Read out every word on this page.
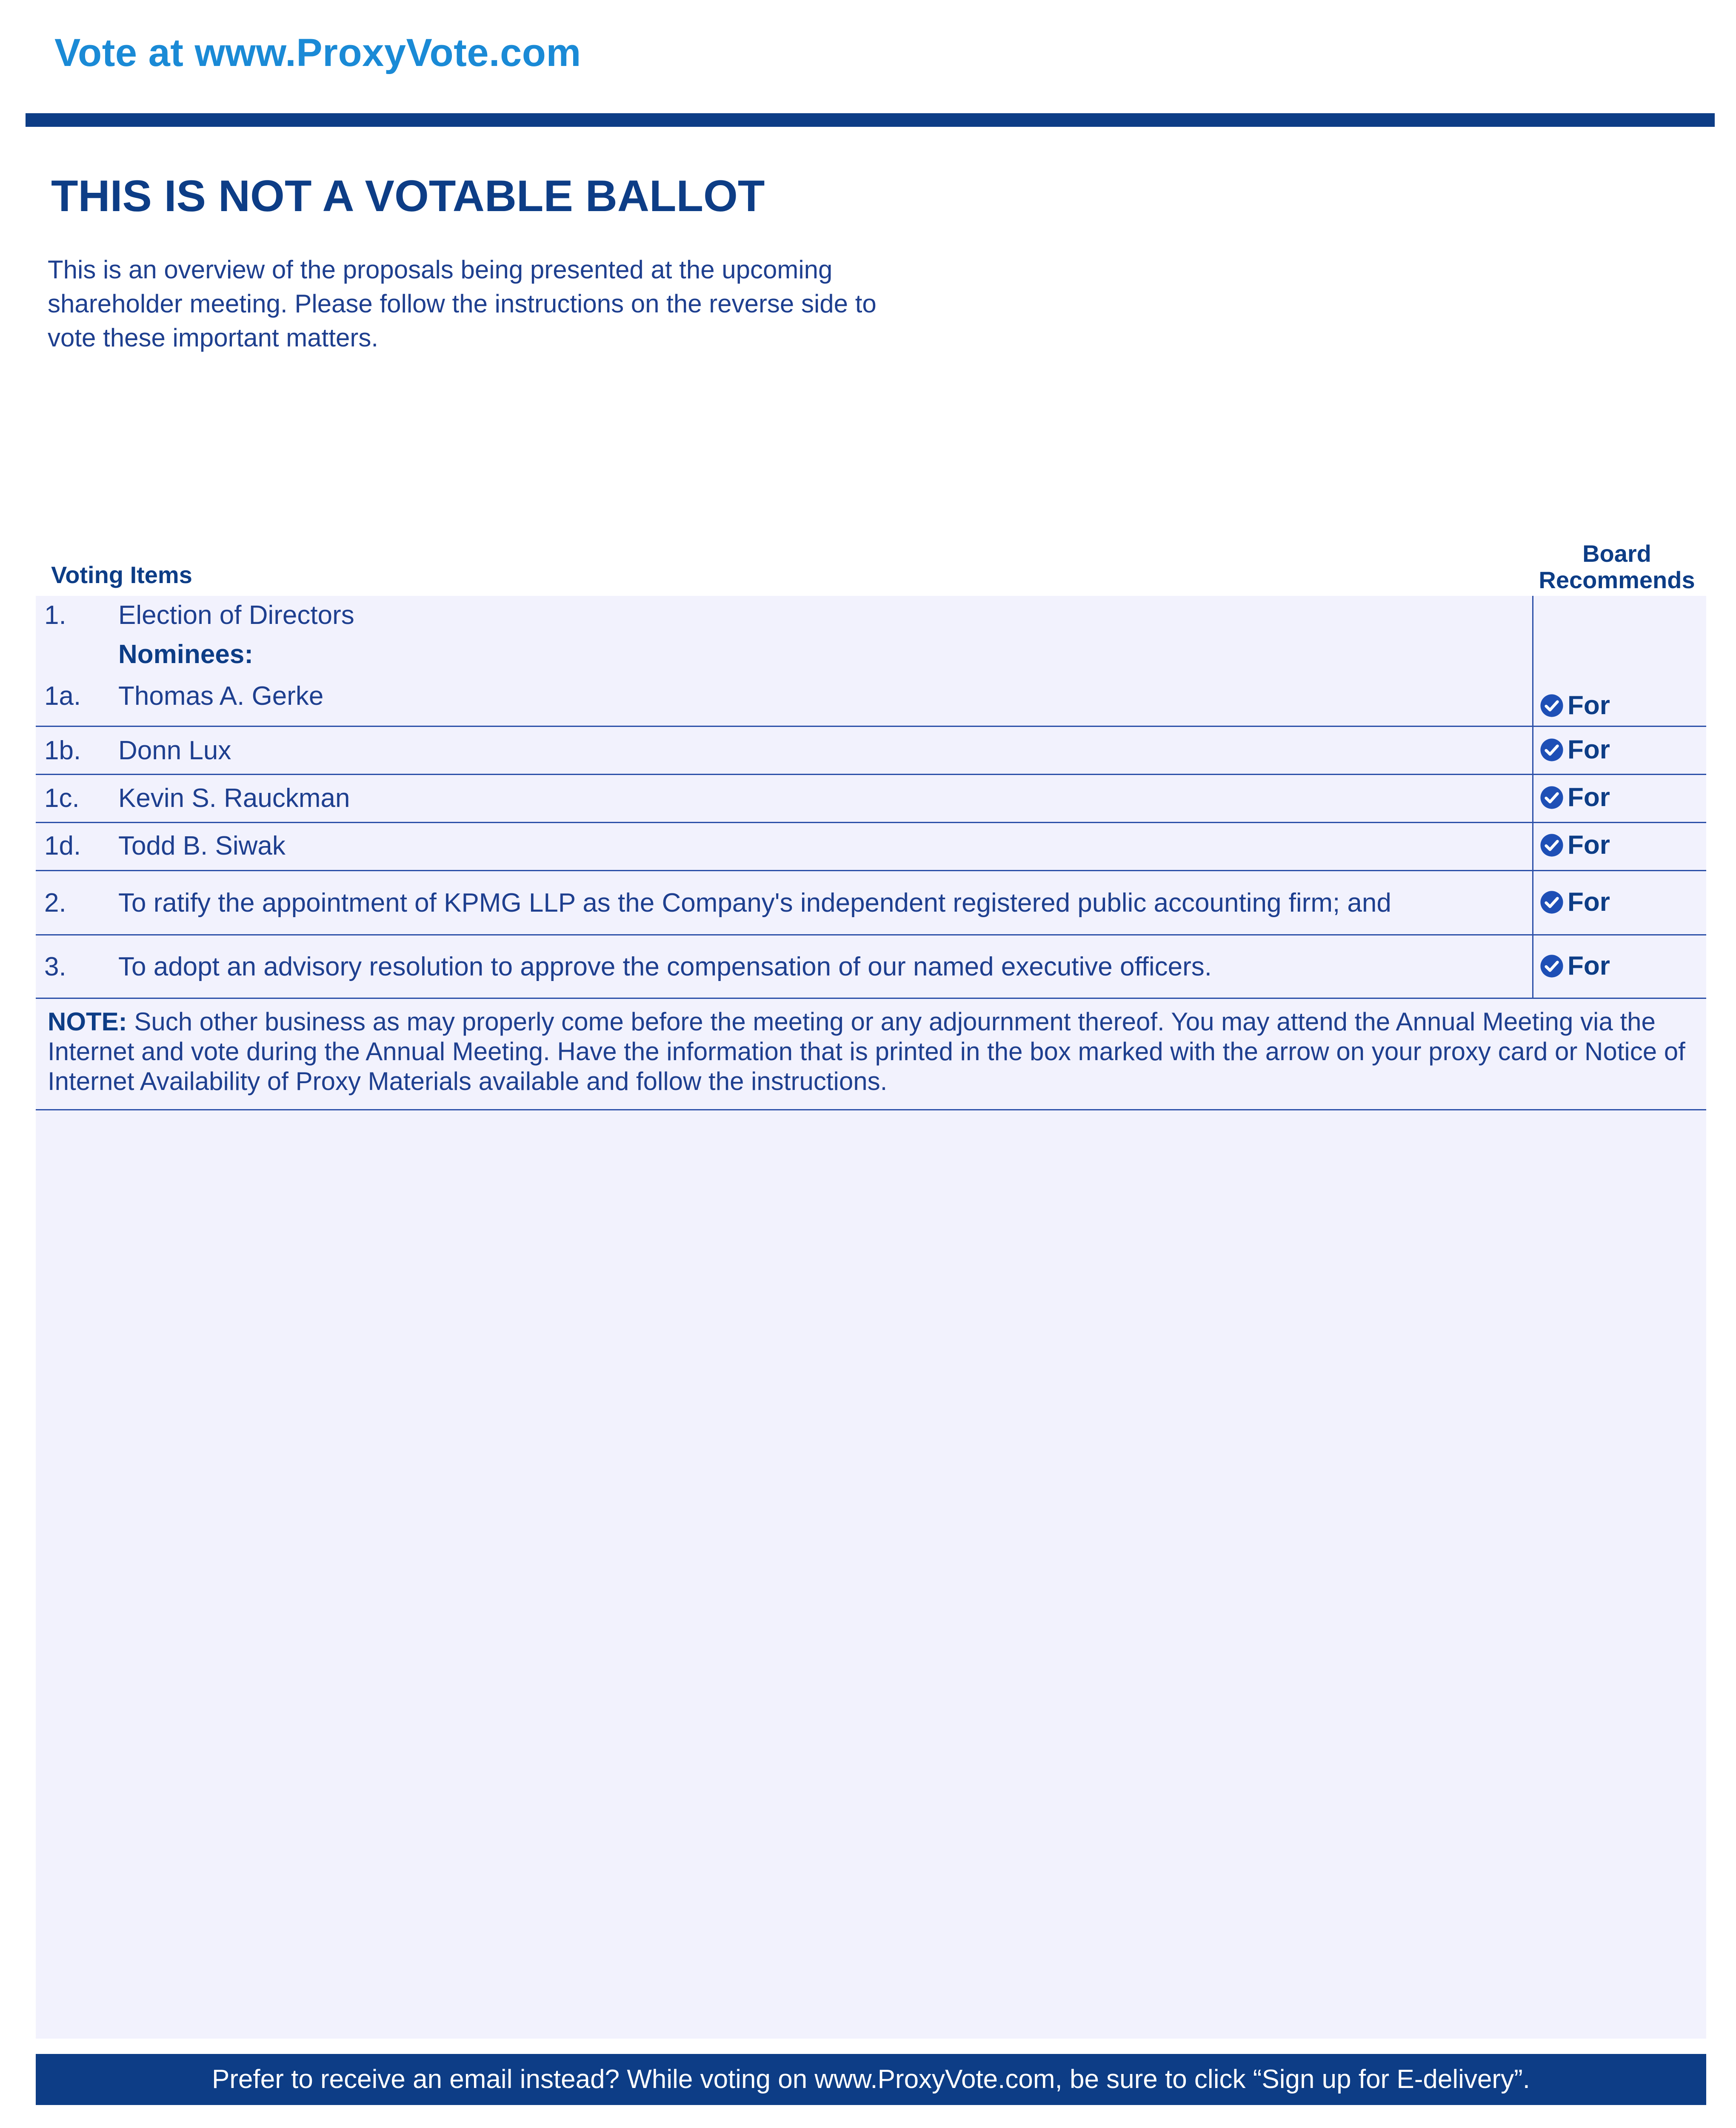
Vote at www.ProxyVote.com
THIS IS NOT A VOTABLE BALLOT
This is an overview of the proposals being presented at the upcoming shareholder meeting. Please follow the instructions on the reverse side to vote these important matters.
Voting Items
Board Recommends
1. Election of Directors
Nominees:
1a. Thomas A. Gerke	For
1b. Donn Lux	For
1c. Kevin S. Rauckman	For
1d. Todd B. Siwak	For
2. To ratify the appointment of KPMG LLP as the Company's independent registered public accounting firm; and	For
3. To adopt an advisory resolution to approve the compensation of our named executive officers.	For
NOTE: Such other business as may properly come before the meeting or any adjournment thereof. You may attend the Annual Meeting via the Internet and vote during the Annual Meeting. Have the information that is printed in the box marked with the arrow on your proxy card or Notice of Internet Availability of Proxy Materials available and follow the instructions.
Prefer to receive an email instead? While voting on www.ProxyVote.com, be sure to click “Sign up for E-delivery”.
